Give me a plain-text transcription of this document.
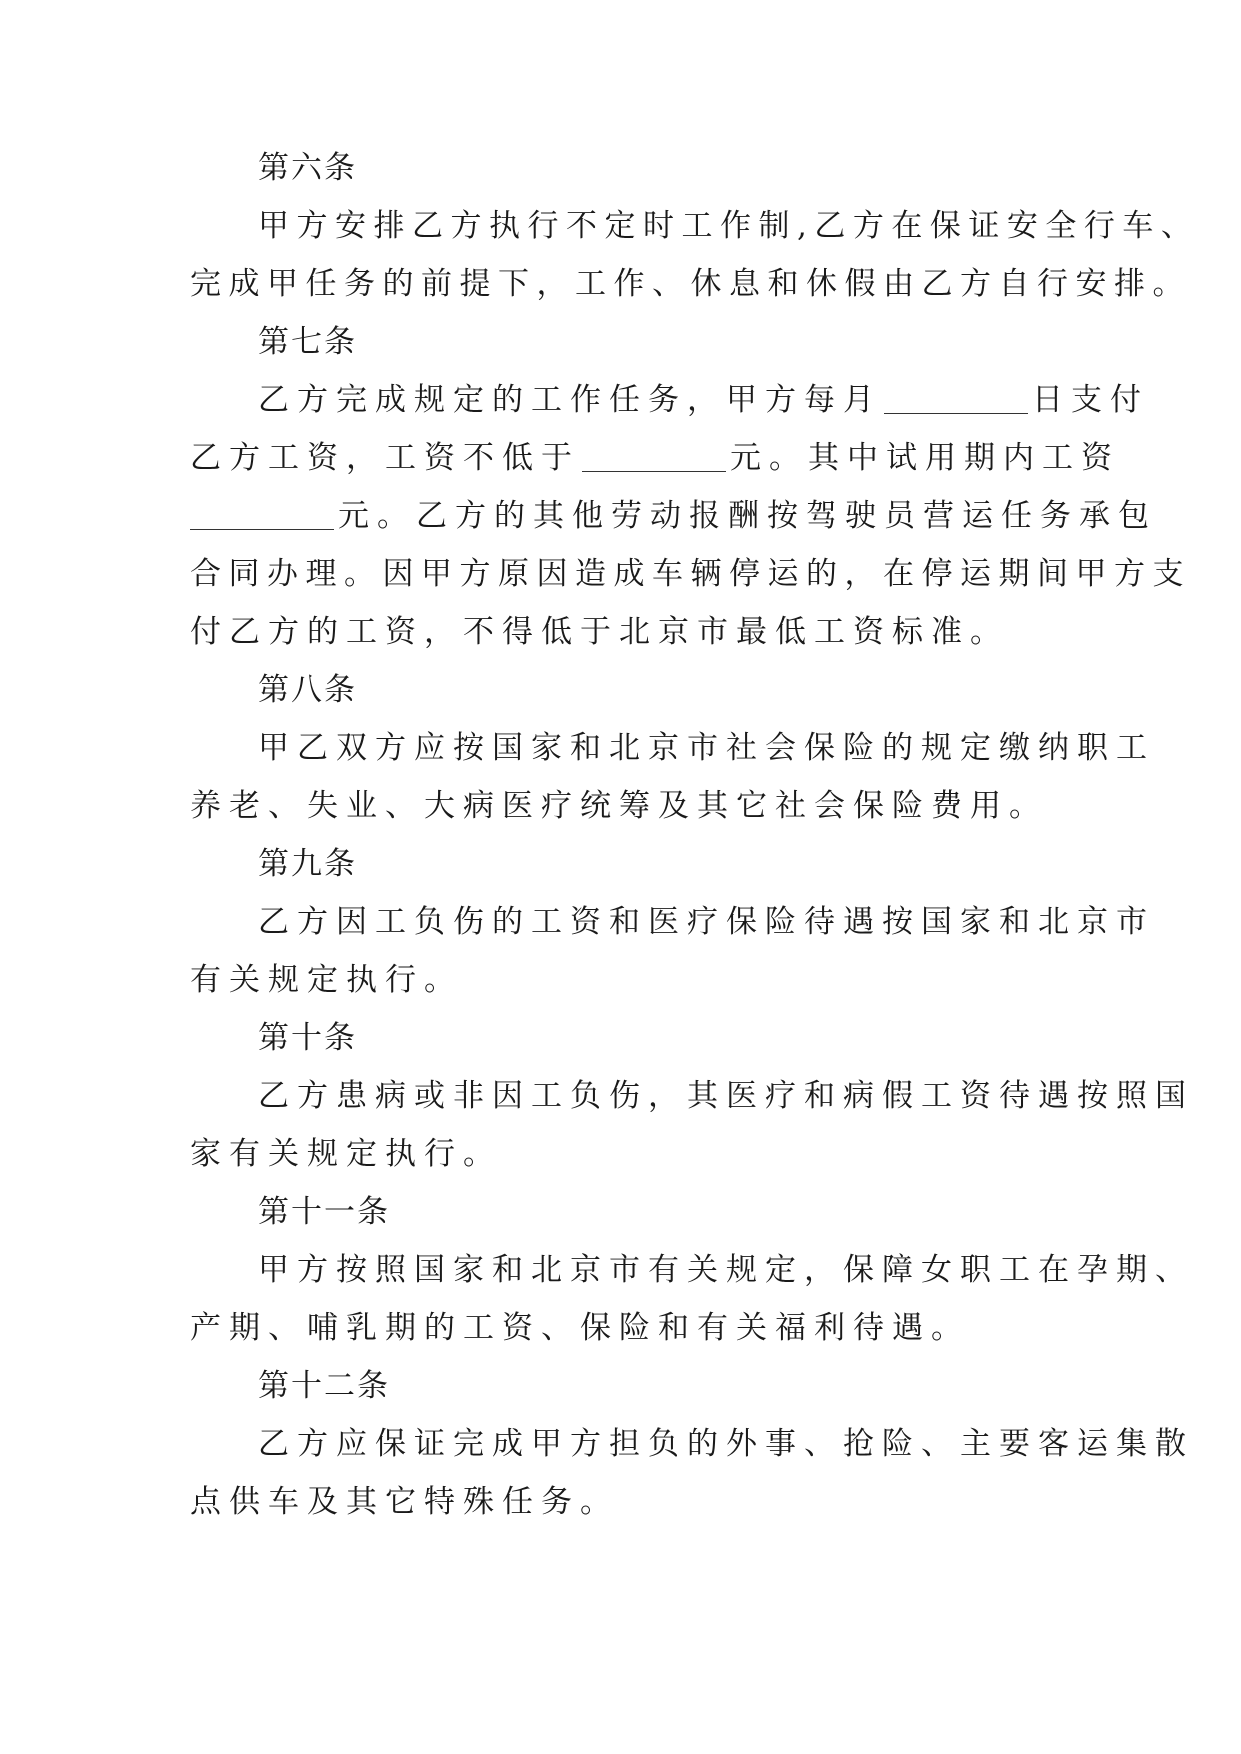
第六条
甲方安排乙方执行不定时工作制,乙方在保证安全行车、
完成甲任务的前提下，工作、休息和休假由乙方自行安排。
第七条
乙方完成规定的工作任务，甲方每月	日支付
乙方工资，工资不低于	元。其中试用期内工资
元。乙方的其他劳动报酬按驾驶员营运任务承包
合同办理。因甲方原因造成车辆停运的，在停运期间甲方支
付乙方的工资，不得低于北京市最低工资标准。
第八条
甲乙双方应按国家和北京市社会保险的规定缴纳职工
养老、失业、大病医疗统筹及其它社会保险费用。
第九条
乙方因工负伤的工资和医疗保险待遇按国家和北京市
有关规定执行。
第十条
乙方患病或非因工负伤，其医疗和病假工资待遇按照国
家有关规定执行。
第十一条
甲方按照国家和北京市有关规定，保障女职工在孕期、
产期、哺乳期的工资、保险和有关福利待遇。
第十二条
乙方应保证完成甲方担负的外事、抢险、主要客运集散
点供车及其它特殊任务。
